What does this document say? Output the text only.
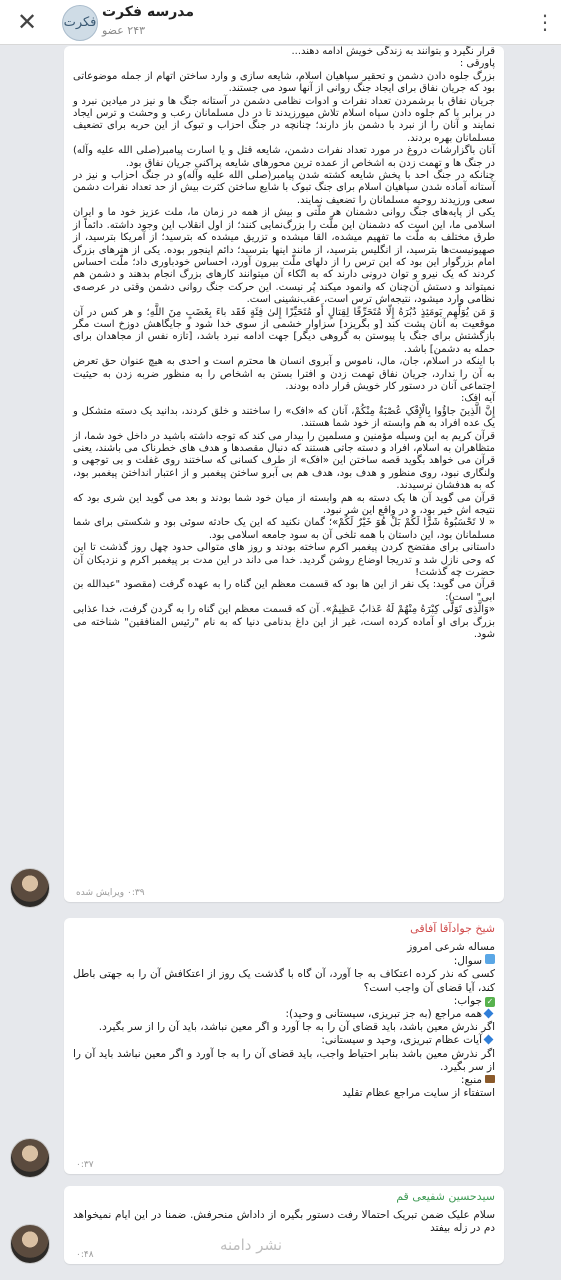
✕	فکرت
مدرسه فکرت
۲۴۳ عضو	⋮

قرار نگیرد و بتوانند به زندگی خویش ادامه دهند...

پاورقی :

بزرگ جلوه دادن دشمن و تحقیر سپاهیان اسلام، شایعه سازی و وارد ساختن اتهام از جمله موضوعاتی بود که جریان نفاق برای ایجاد جنگ روانی از آنها سود می جستند.

جریان نفاق با برشمردن تعداد نفرات و ادوات نظامی دشمن در آستانه جنگ ها و نیز در میادین نبرد و در برابر با کم جلوه دادن سپاه اسلام تلاش میورزیدند تا در دل مسلمانان رعب و وحشت و ترس ایجاد نمایند و آنان را از نبرد با دشمن باز دارند؛ چنانچه در جنگ احزاب و تبوک از این حربه برای تضعیف مسلمانان بهره بردند.

آنان باگزارشات دروغ در مورد تعداد نفرات دشمن، شایعه قتل و یا اسارت پیامبر(صلی الله علیه وآله) در جنگ ها و تهمت زدن به اشخاص از عمده ترین محورهای شایعه پراکنی جریان نفاق بود.

چنانکه در جنگ احد با پخش شایعه کشته شدن پیامبر(صلی الله علیه وآله)و در جنگ احزاب و نیز در آستانه آماده شدن سپاهیان اسلام برای جنگ تبوک با شایع ساختن کثرت بیش از حد تعداد نفرات دشمن سعی ورزیدند روحیه مسلمانان را تضعیف نمایند.

یکی از پایه‌های جنگ روانی دشمنان هر ملّتی و بیش از همه در زمان ما، ملت عزیز خود ما و ایران اسلامی ما، این است که دشمنان این ملّت را بزرگ‌نمایی کنند؛ از اول انقلاب این وجود داشته. دائماً از طرق مختلف به ملّت ما تفهیم میشده، القا میشده و تزریق میشده که بترسید؛ از آمریکا بترسید، از صهیونیست‌ها بترسید، از انگلیس بترسید، از مانند اینها بترسید؛ دائم اینجور بوده. یکی از هنرهای بزرگ امام بزرگوار این بود که این ترس را از دلهای ملّت بیرون آورد، احساس خودباوری داد؛ ملّت احساس کردند که یک نیرو و توان درونی دارند که به اتّکاء آن میتوانند کارهای بزرگ انجام بدهند و دشمن هم نمیتواند و دستش آن‌چنان که وانمود میکند پُر نیست. این حرکت جنگ روانی دشمن وقتی در عرصه‌ی نظامی وارد میشود، نتیجه‌اش ترس است، عقب‌نشینی است.

وَ مَن یُوَلِّهِم یَومَئِذٍ دُبُرَهُ إِلّا مُتَحَرِّفًا لِقِتالٍ أَو مُتَحَیِّزًا إِلیٰ فِئَةٍ فَقَد باءَ بِغَضَبٍ مِنَ اللَّهِ؛ و هر کس در آن موقعیت به آنان پشت کند [و بگریزد] سزاوار خشمی از سوی خدا شود و جایگاهش دوزخ است مگر بازگشتش برای جنگ یا پیوستن به گروهی دیگر] جهت ادامه نبرد باشد، [تازه نفس از مجاهدان برای حمله به دشمن] باشد.

با اینکه در اسلام، جان، مال، ناموس و آبروی انسان ها محترم است و احدی به هیچ عنوان حق تعرض به آن را ندارد، جریان نفاق تهمت زدن و افترا بستن به اشخاص را به منظور ضربه زدن به حیثیت اجتماعی آنان در دستور کار خویش قرار داده بودند.

آیه افک:

إِنَّ الَّذِینَ جاؤُوا بِالْإِفْکِ عُصْبَةٌ مِنْکُمْ، آنان که «افک» را ساختند و خلق کردند، بدانید یک دسته متشکل و یک عده افراد به هم وابسته از خود شما هستند.

قرآن کریم به این وسیله مؤمنین و مسلمین را بیدار می کند که توجه داشته باشید در داخل خود شما، از متظاهران به اسلام، افراد و دسته جاتی هستند که دنبال مقصدها و هدف های خطرناک می باشند، یعنی قرآن می خواهد بگوید قصه ساختن این «افک» از طرف کسانی که ساختند روی غفلت و بی توجهی و ولنگاری نبود، روی منظور و هدف بود، هدف هم بی آبرو ساختن پیغمبر و از اعتبار انداختن پیغمبر بود، که به هدفشان نرسیدند.

قرآن می گوید آن ها یک دسته به هم وابسته از میان خود شما بودند و بعد می گوید این شری بود که نتیجه اش خیر بود، و در واقع این شر نبود.

« لا تَحْسَبُوهُ شَرًّا لَکُمْ بَلْ هُوَ خَیْرٌ لَکُمْ»؛ گمان نکنید که این یک حادثه سوئی بود و شکستی برای شما مسلمانان بود، این داستان با همه تلخی آن به سود جامعه اسلامی بود.

داستانی برای مفتضح کردن پیغمبر اکرم ساخته بودند و روز های متوالی حدود چهل روز گذشت تا این که وحی نازل شد و تدریجا اوضاع روشن گردید. خدا می داند در این مدت بر پیغمبر اکرم و نزدیکان آن حضرت چه گذشت!

قرآن می گوید: یک نفر از این ها بود که قسمت معظم این گناه را به عهده گرفت (مقصود "عبدالله بن ابی" است):

«وَالَّذِی تَوَلَّی کِبْرَهُ مِنْهُمْ لَهُ عَذابٌ عَظِیمٌ». آن که قسمت معظم این گناه را به گردن گرفت، خدا عذابی بزرگ برای او آماده کرده است، غیر از این داغ بدنامی دنیا که به نام "رئیس المنافقین" شناخته می شود.

۰:۳۹ ویرایش شده

شیخ جوادآقا آفاقی

مساله شرعی امروز

سوال:

کسی که نذر کرده اعتکاف به جا آورد، آن گاه با گذشت یک روز از اعتکافش آن را به جهتی باطل کند، آیا قضای آن واجب است؟

✓جواب:

همه مراجع (به جز تبریزی، سیستانی و وحید):

اگر نذرش معین باشد، باید قضای آن را به جا آورد و اگر معین نباشد، باید آن را از سر بگیرد.

آیات عظام تبریزی، وحید و سیستانی:

اگر نذرش معین باشد بنابر احتیاط واجب، باید قضای آن را به جا آورد و اگر معین نباشد باید آن را از سر بگیرد.

منبع:

استفتاء از سایت مراجع عظام تقلید

۰:۳۷

سیدحسین شفیعی قم

سلام علیک ضمن تبریک احتمالا رفت دستور بگیره از داداش منحرفش. ضمنا در این ایام نمیخواهد دم در زله بیفتد

۰:۴۸
نشر دامنه
